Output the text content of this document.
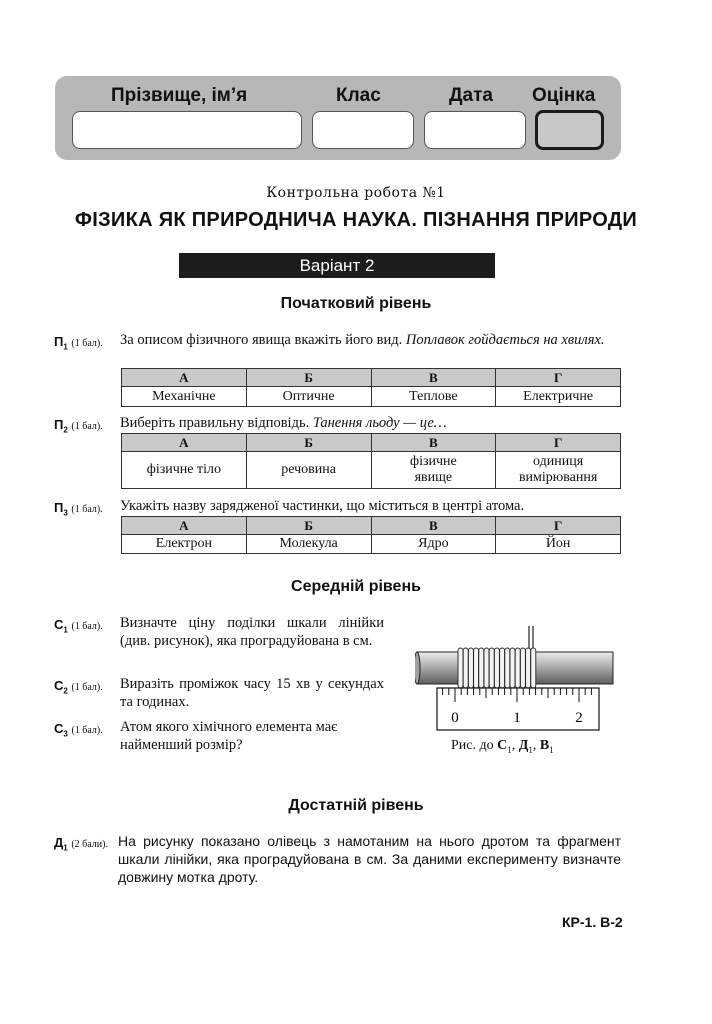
Прізвище, ім’я	Клас	Дата Оцінка
Контрольна робота №1
ФІЗИКА ЯК ПРИРОДНИЧА НАУКА. ПІЗНАННЯ ПРИРОДИ
Варіант 2
Початковий рівень
$П_1$ (1 бал). За описом фізичного явища вкажіть його вид. Поплавок гойдається на хвилях.
А	Б	В	Г
Механічне	Оптичне	Теплове	Електричне
$П_2$ (1 бал). Виберіть правильну відповідь. Танення льоду — це…
А	Б	В	Г
фізичне тіло	речовина	фізичне явище	одиниця вимірювання
$П_3$ (1 бал). Укажіть назву зарядженої частинки, що міститься в центрі атома.
А	Б	В	Г
Електрон	Молекула	Ядро	Йон
Середній рівень
$С_1$ (1 бал). Визначте ціну поділки шкали лінійки (див. рисунок), яка проградуйована в см.
$С_2$ (1 бал). Виразіть проміжок часу 15 хв у секундах та годинах.
$С_3$ (1 бал). Атом якого хімічного елемента має найменший розмір?
0	1	2
Рис. до $С_1$, $Д_1$, $В_1$
Достатній рівень
$Д_1$ (2 бали). На рисунку показано олівець з намотаним на нього дротом та фрагмент шкали лінійки, яка проградуйована в см. За даними експерименту визначте довжину мотка дроту.
КР-1. В-2
